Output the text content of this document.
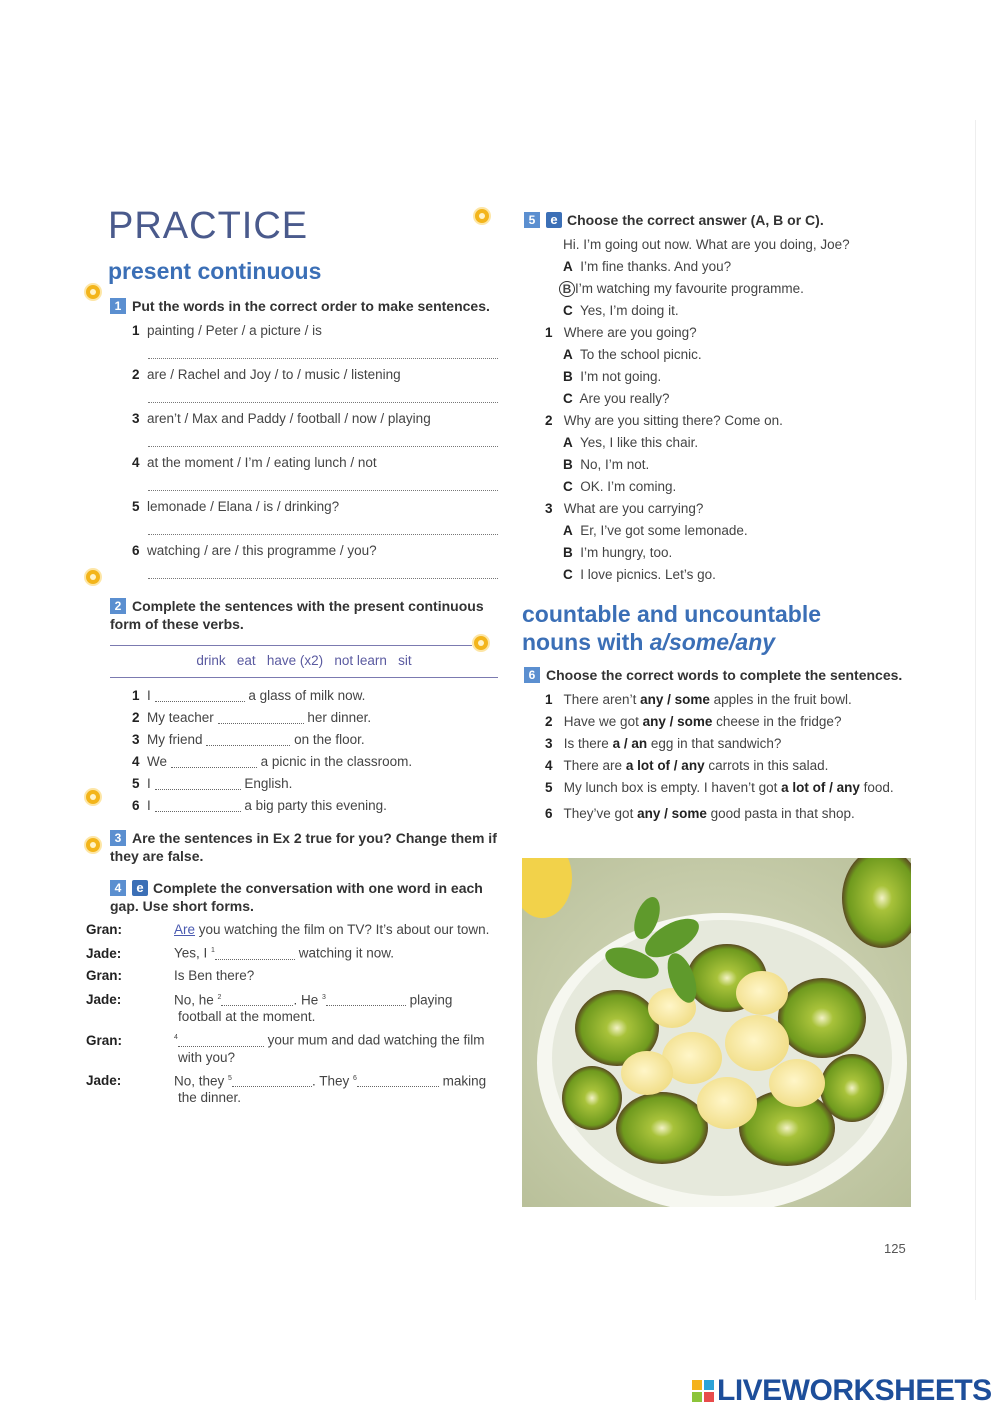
PRACTICE
present continuous
1 Put the words in the correct order to make sentences.
1 painting / Peter / a picture / is
2 are / Rachel and Joy / to / music / listening
3 aren’t / Max and Paddy / football / now / playing
4 at the moment / I’m / eating lunch / not
5 lemonade / Elana / is / drinking?
6 watching / are / this programme / you?
2 Complete the sentences with the present continuous form of these verbs.
drink   eat   have (x2)   not learn   sit
1 I	a glass of milk now.
2 My teacher	her dinner.
3 My friend	on the floor.
4 We	a picnic in the classroom.
5 I	English.
6 I	a big party this evening.
3 Are the sentences in Ex 2 true for you? Change them if they are false.
4 e Complete the conversation with one word in each gap. Use short forms.
Gran:	Are you watching the film on TV? It’s about our town.
Jade:	Yes, I $^1$	watching it now.
Gran:	Is Ben there?
Jade:	No, he $^2$	. He $^3$	playing football at the moment.
Gran:	$^4$	your mum and dad watching the film with you?
Jade:	No, they $^5$	. They $^6$	making the dinner.
5 e Choose the correct answer (A, B or C).
Hi. I’m going out now. What are you doing, Joe?
A I’m fine thanks. And you?
B I’m watching my favourite programme.
C Yes, I’m doing it.
1 Where are you going?
A To the school picnic.
B I’m not going.
C Are you really?
2 Why are you sitting there? Come on.
A Yes, I like this chair.
B No, I’m not.
C OK. I’m coming.
3 What are you carrying?
A Er, I’ve got some lemonade.
B I’m hungry, too.
C I love picnics. Let’s go.
countable and uncountable
nouns with a/some/any
6 Choose the correct words to complete the sentences.
1 There aren’t any / some apples in the fruit bowl.
2 Have we got any / some cheese in the fridge?
3 Is there a / an egg in that sandwich?
4 There are a lot of / any carrots in this salad.
5 My lunch box is empty. I haven’t got a lot of / any food.
6 They’ve got any / some good pasta in that shop.
125
LIVEWORKSHEETS
